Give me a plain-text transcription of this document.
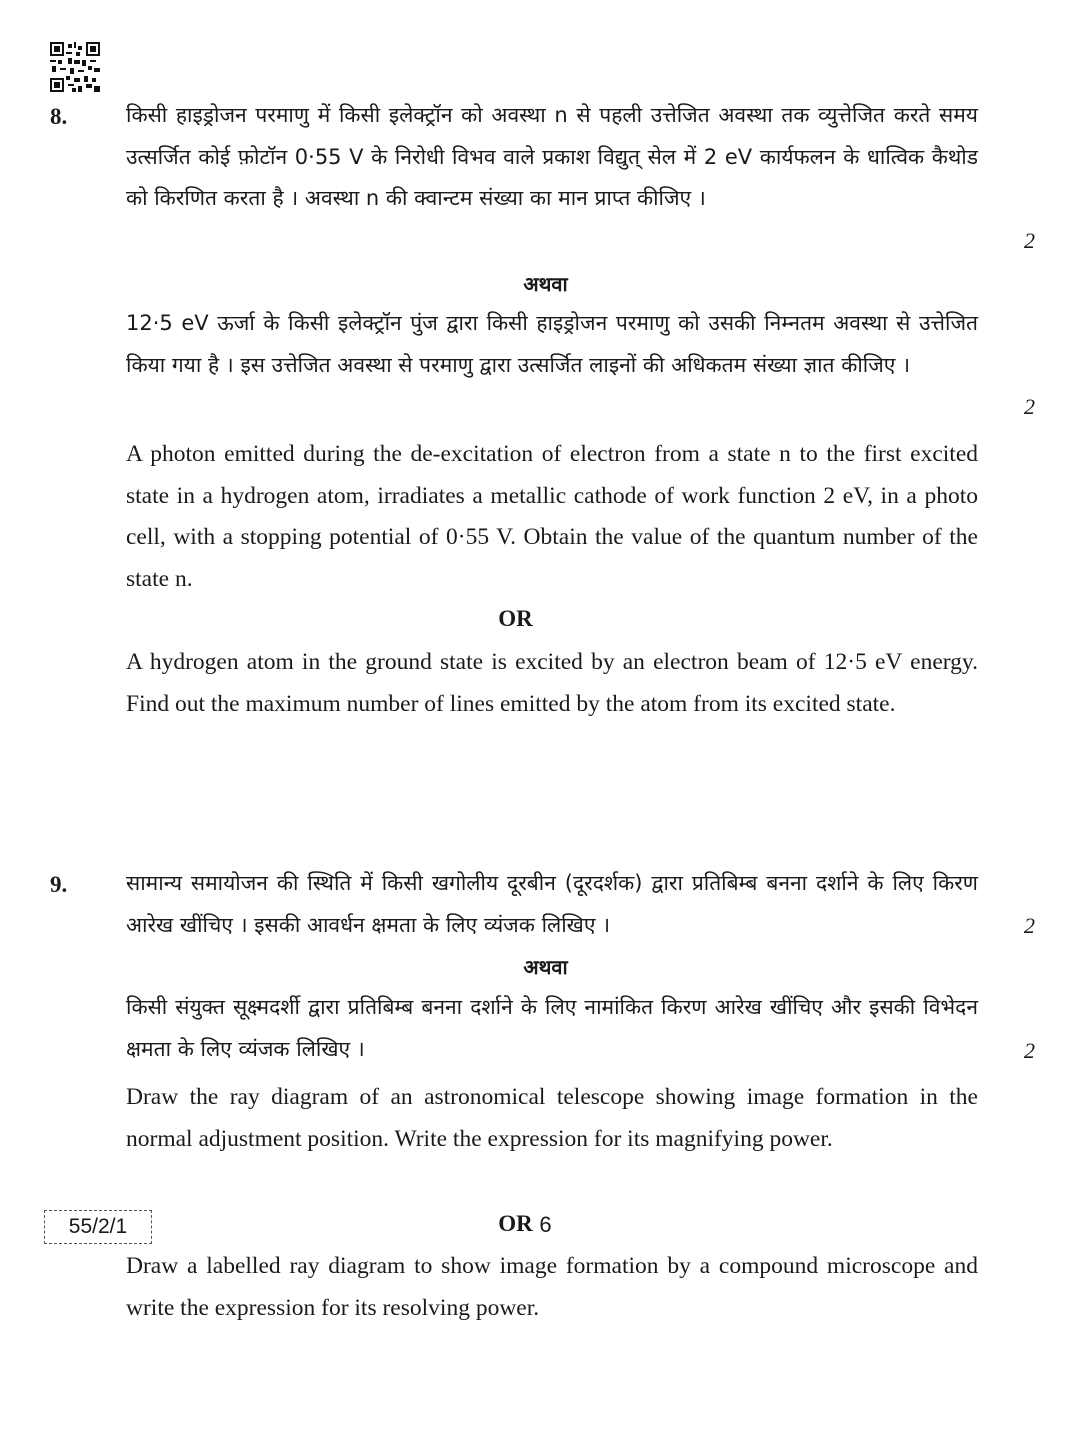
8.	किसी हाइड्रोजन परमाणु में किसी इलेक्ट्रॉन को अवस्था n से पहली उत्तेजित अवस्था तक व्युत्तेजित करते समय उत्सर्जित कोई फ़ोटॉन 0·55 V के निरोधी विभव वाले प्रकाश विद्युत् सेल में 2 eV कार्यफलन के धात्विक कैथोड को किरणित करता है । अवस्था n की क्वान्टम संख्या का मान प्राप्त कीजिए ।

2
अथवा

12·5 eV ऊर्जा के किसी इलेक्ट्रॉन पुंज द्वारा किसी हाइड्रोजन परमाणु को उसकी निम्नतम अवस्था से उत्तेजित किया गया है । इस उत्तेजित अवस्था से परमाणु द्वारा उत्सर्जित लाइनों की अधिकतम संख्या ज्ञात कीजिए ।

2

A photon emitted during the de-excitation of electron from a state n to the first excited state in a hydrogen atom, irradiates a metallic cathode of work function 2 eV, in a photo cell, with a stopping potential of 0·55 V. Obtain the value of the quantum number of the state n.

OR

A hydrogen atom in the ground state is excited by an electron beam of 12·5 eV energy. Find out the maximum number of lines emitted by the atom from its excited state.

9.	सामान्य समायोजन की स्थिति में किसी खगोलीय दूरबीन (दूरदर्शक) द्वारा प्रतिबिम्ब बनना दर्शाने के लिए किरण आरेख खींचिए । इसकी आवर्धन क्षमता के लिए व्यंजक लिखिए ।	2
अथवा

किसी संयुक्त सूक्ष्मदर्शी द्वारा प्रतिबिम्ब बनना दर्शाने के लिए नामांकित किरण आरेख खींचिए और इसकी विभेदन क्षमता के लिए व्यंजक लिखिए ।	2

Draw the ray diagram of an astronomical telescope showing image formation in the normal adjustment position. Write the expression for its magnifying power.

OR

Draw a labelled ray diagram to show image formation by a compound microscope and write the expression for its resolving power.

55/2/1	6
